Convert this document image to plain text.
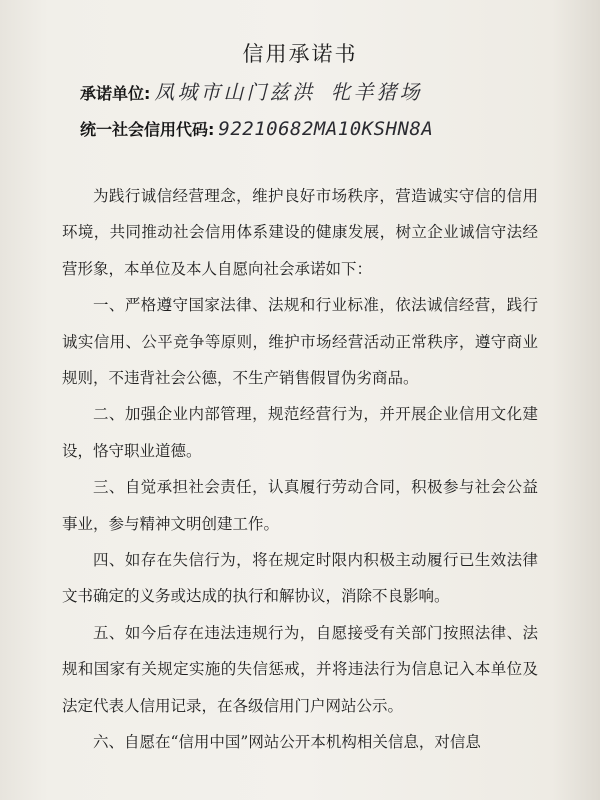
信用承诺书
承诺单位: 凤城市山门兹洪 牝羊猪场
统一社会信用代码: 92210682MA10KSHN8A

为践行诚信经营理念，维护良好市场秩序，营造诚实守信的信用环境，共同推动社会信用体系建设的健康发展，树立企业诚信守法经营形象，本单位及本人自愿向社会承诺如下：

一、严格遵守国家法律、法规和行业标准，依法诚信经营，践行诚实信用、公平竞争等原则，维护市场经营活动正常秩序，遵守商业规则，不违背社会公德，不生产销售假冒伪劣商品。

二、加强企业内部管理，规范经营行为，并开展企业信用文化建设，恪守职业道德。

三、自觉承担社会责任，认真履行劳动合同，积极参与社会公益事业，参与精神文明创建工作。

四、如存在失信行为，将在规定时限内积极主动履行已生效法律文书确定的义务或达成的执行和解协议，消除不良影响。

五、如今后存在违法违规行为，自愿接受有关部门按照法律、法规和国家有关规定实施的失信惩戒，并将违法行为信息记入本单位及法定代表人信用记录，在各级信用门户网站公示。

六、自愿在“信用中国”网站公开本机构相关信息，对信息
